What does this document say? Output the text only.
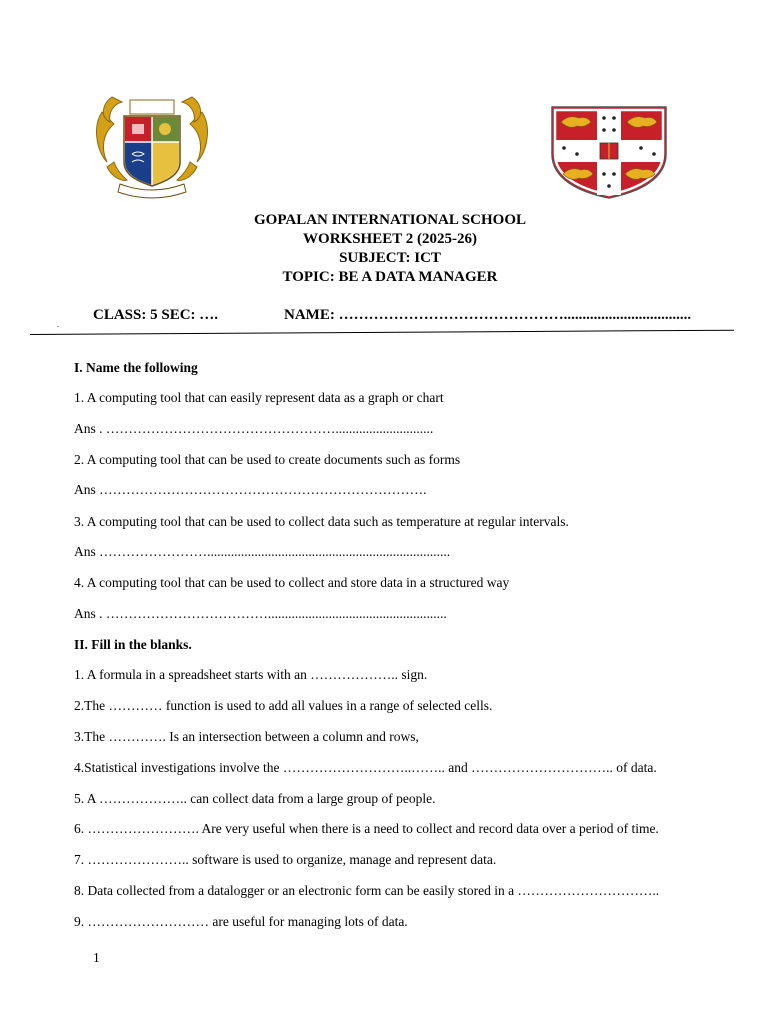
GOPALAN INTERNATIONAL SCHOOL
WORKSHEET 2 (2025-26)
SUBJECT: ICT
TOPIC: BE A DATA MANAGER
CLASS: 5 SEC: ….	NAME: ………………………………………..................................
.
I. Name the following
1. A computing tool that can easily represent data as a graph or chart
Ans . …………………………………………….............................
2. A computing tool that can be used to create documents such as forms
Ans ……………………………………………………………….
3. A computing tool that can be used to collect data such as temperature at regular intervals.
Ans ……………………........................................................................
4. A computing tool that can be used to collect and store data in a structured way
Ans . ……………………………….....................................................
II. Fill in the blanks.
1. A formula in a spreadsheet starts with an ……………….. sign.
2.The ………… function is used to add all values in a range of selected cells.
3.The …………. Is an intersection between a column and rows,
4.Statistical investigations involve the ………………………..…….. and ………………………….. of data.
5. A ……………….. can collect data from a large group of people.
6. ……………………. Are very useful when there is a need to collect and record data over a period of time.
7. ………………….. software is used to organize, manage and represent data.
8. Data collected from a datalogger or an electronic form can be easily stored in a …………………………..
9. ……………………… are useful for managing lots of data.
1
